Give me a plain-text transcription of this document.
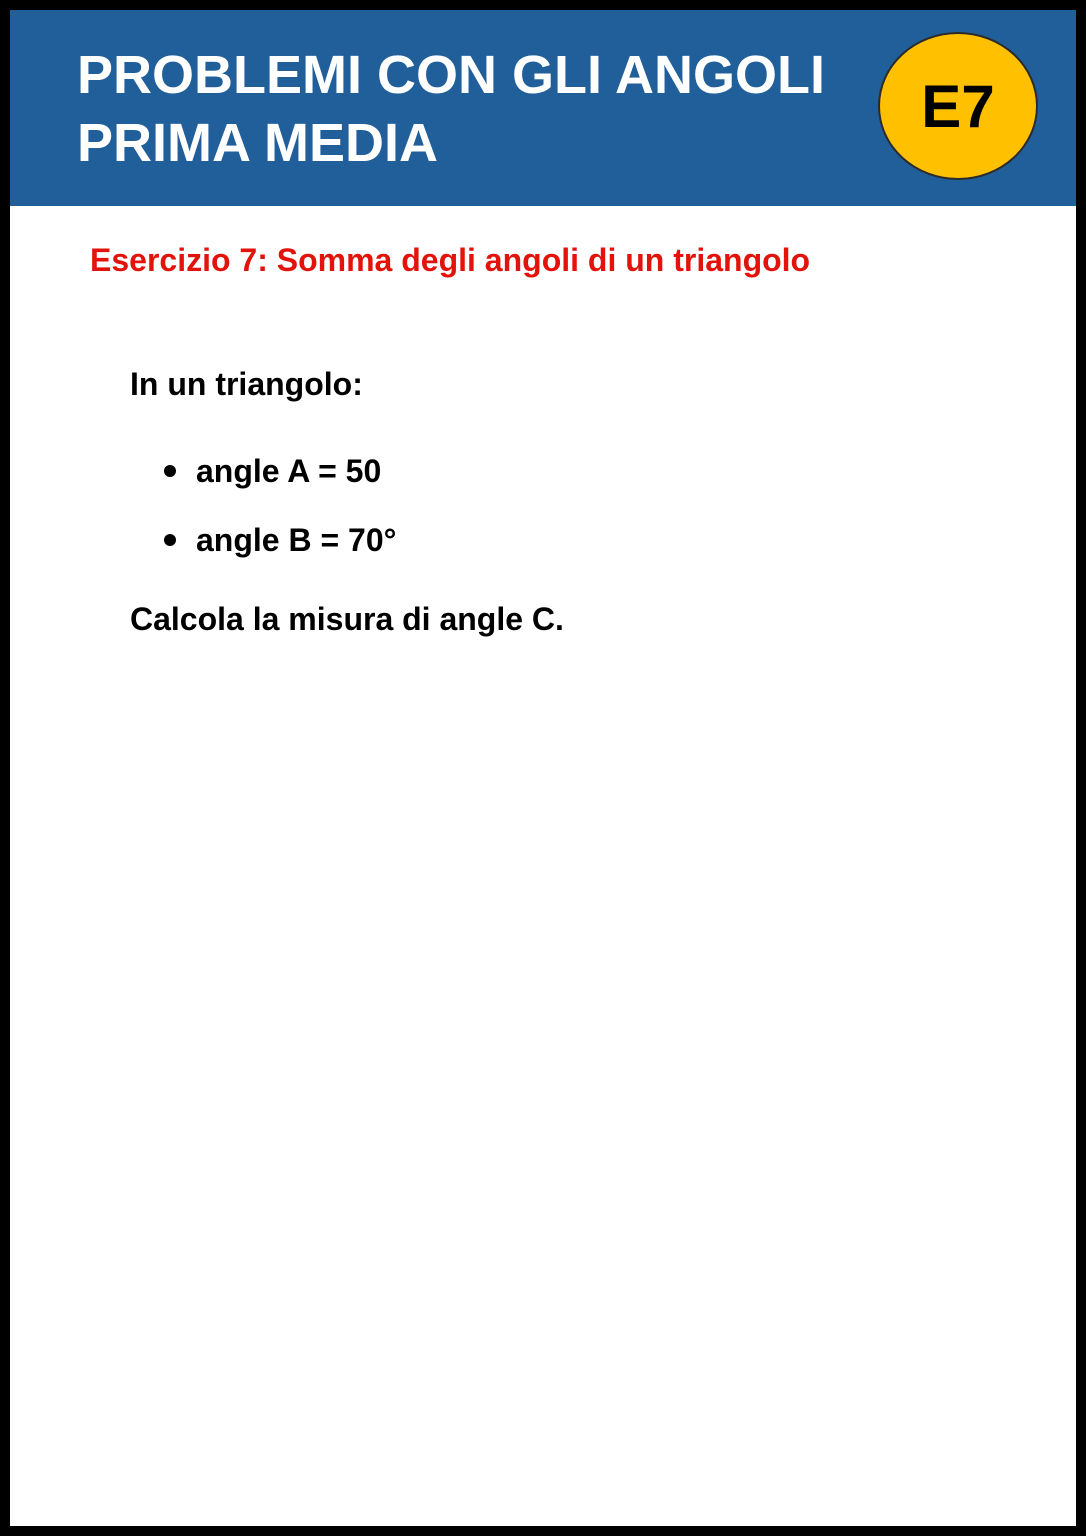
PROBLEMI CON GLI ANGOLI
PRIMA MEDIA
E7
Esercizio 7: Somma degli angoli di un triangolo

In un triangolo:

angle A = 50
angle B = 70°

Calcola la misura di angle C.
